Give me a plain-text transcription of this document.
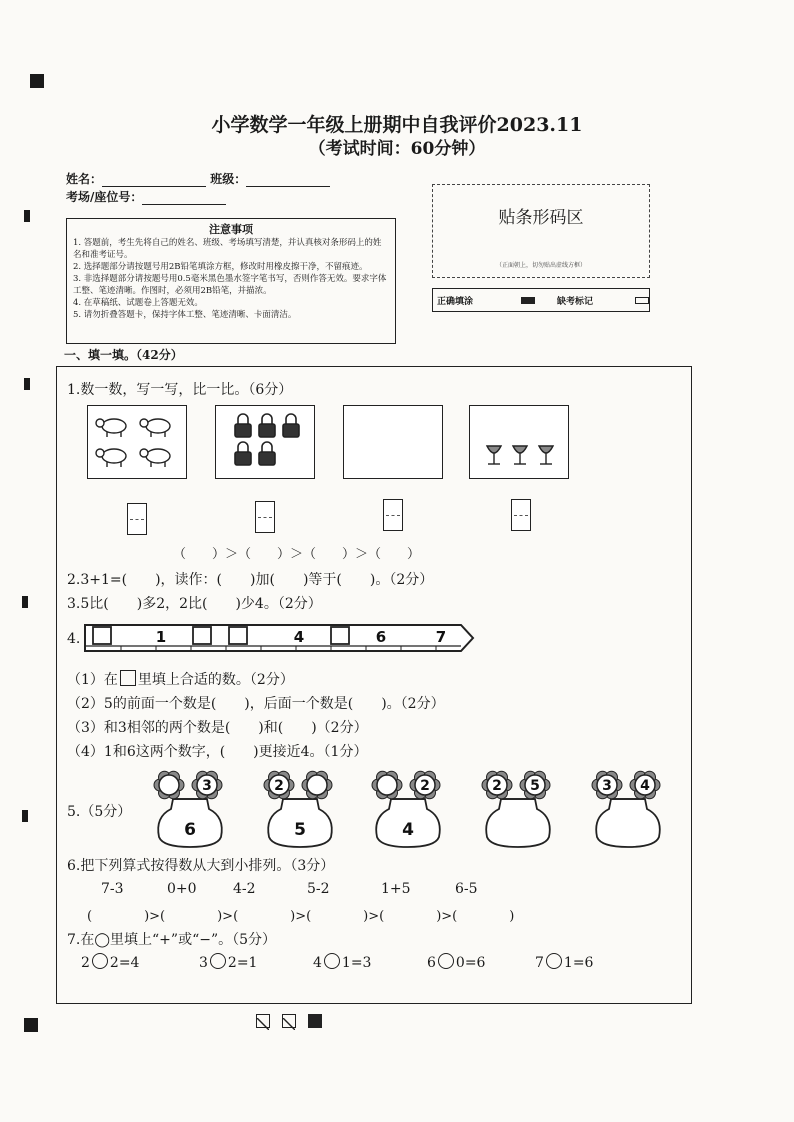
小学数学一年级上册期中自我评价2023.11
（考试时间：60分钟）
姓名：	班级：
考场/座位号：
注意事项
1. 答题前，考生先将自己的姓名、班级、考场填写清楚，并认真核对条形码上的姓名和准考证号。
2. 选择题部分请按题号用2B铅笔填涂方框，修改时用橡皮擦干净，不留痕迹。
3. 非选择题部分请按题号用0.5毫米黑色墨水签字笔书写，否则作答无效。要求字体工整、笔迹清晰。作图时，必须用2B铅笔，并描浓。
4. 在草稿纸、试题卷上答题无效。
5. 请勿折叠答题卡，保持字体工整、笔迹清晰、卡面清洁。
贴条形码区
（正面朝上，切勿贴出虚线方框）
正确填涂	缺考标记
一、填一填。（42分）
1.数一数，写一写，比一比。（6分）
（　　）＞（　　）＞（　　）＞（　　）
2.3+1=(　　)，读作：(　　)加(　　)等于(　　)。（2分）
3.5比(　　)多2，2比(　　)少4。（2分）
4.	1	4	6	7
（1）在 里填上合适的数。（2分）
（2）5的前面一个数是(　　)，后面一个数是(　　)。（2分）
（3）和3相邻的两个数是(　　)和(　　)（2分）
（4）1和6这两个数字，(　　)更接近4。（1分）
5.（5分）
3
6
2
5
2
4
2 5	3 4
6.把下列算式按得数从大到小排列。（3分）
7-3	0+0	4-2	5-2	1+5	6-5
(　　　　)>(　　　　)>(　　　　)>(　　　　)>(　　　　)>(　　　　)
7.在◯里填上“+”或“−”。（5分）
2 2=4	3 2=1	4 1=3	6 0=6	7 1=6
